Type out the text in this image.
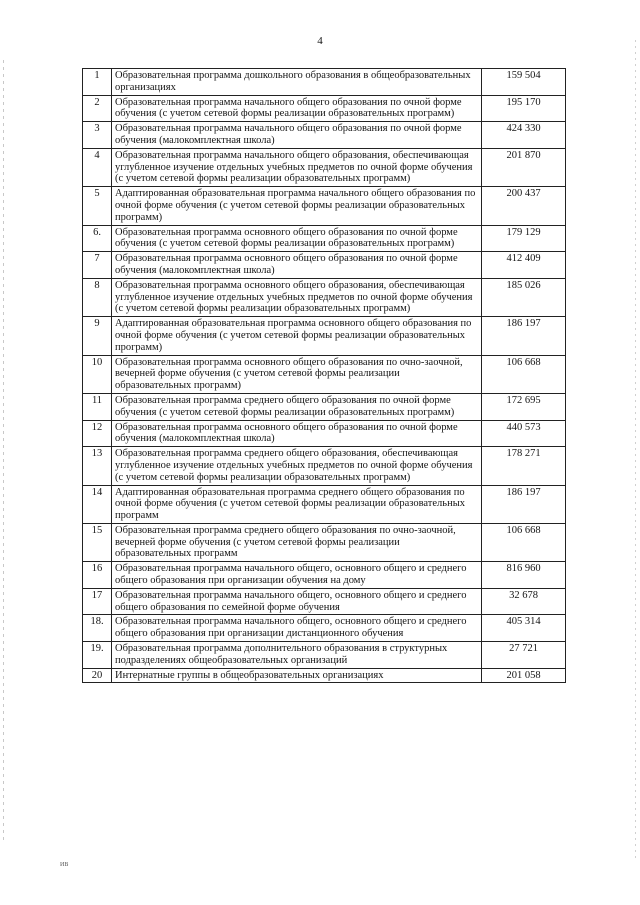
4
1	Образовательная программа дошкольного образования в общеобразовательных организациях	159 504
2	Образовательная программа начального общего образования по очной форме обучения (с учетом сетевой формы реализации образовательных программ)	195 170
3	Образовательная программа начального общего образования по очной форме обучения (малокомплектная школа)	424 330
4	Образовательная программа начального общего образования, обеспечивающая углубленное изучение отдельных учебных предметов по очной форме обучения (с учетом сетевой формы реализации образовательных программ)	201 870
5	Адаптированная образовательная программа начального общего образования по очной форме обучения (с учетом сетевой формы реализации образовательных программ)	200 437
6.	Образовательная программа основного общего образования по очной форме обучения (с учетом сетевой формы реализации образовательных программ)	179 129
7	Образовательная программа основного общего образования по очной форме обучения (малокомплектная школа)	412 409
8	Образовательная программа основного общего образования, обеспечивающая углубленное изучение отдельных учебных предметов по очной форме обучения (с учетом сетевой формы реализации образовательных программ)	185 026
9	Адаптированная образовательная программа основного общего образования по очной форме обучения (с учетом сетевой формы реализации образовательных программ)	186 197
10	Образовательная программа основного общего образования по очно-заочной, вечерней форме обучения (с учетом сетевой формы реализации образовательных программ)	106 668
11	Образовательная программа среднего общего образования по очной форме обучения (с учетом сетевой формы реализации образовательных программ)	172 695
12	Образовательная программа основного общего образования по очной форме обучения (малокомплектная школа)	440 573
13	Образовательная программа среднего общего образования, обеспечивающая углубленное изучение отдельных учебных предметов по очной форме обучения (с учетом сетевой формы реализации образовательных программ)	178 271
14	Адаптированная образовательная программа среднего общего образования по очной форме обучения (с учетом сетевой формы реализации образовательных программ	186 197
15	Образовательная программа среднего общего образования по очно-заочной, вечерней форме обучения (с учетом сетевой формы реализации образовательных программ	106 668
16	Образовательная программа начального общего, основного общего и среднего общего образования при организации обучения на дому	816 960
17	Образовательная программа начального общего, основного общего и среднего общего образования по семейной форме обучения	32 678
18.	Образовательная программа начального общего, основного общего и среднего общего образования при организации дистанционного обучения	405 314
19.	Образовательная программа дополнительного образования в структурных подразделениях общеобразовательных организаций	27 721
20	Интернатные группы в общеобразовательных организациях	201 058
ИВ
